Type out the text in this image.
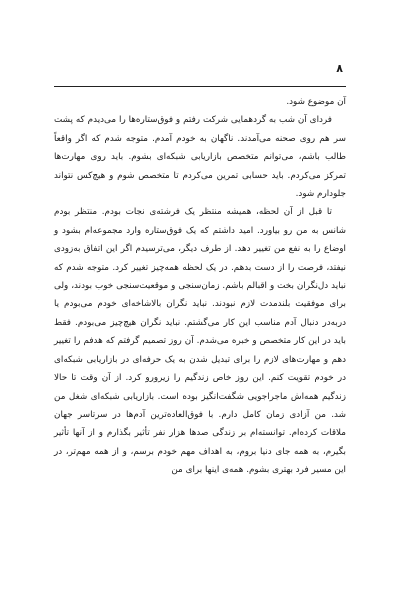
۸

آن موضوع شود.

فردای آن شب به گردهمایی شرکت رفتم و فوق‌ستاره‌ها را می‌دیدم که پشت سر هم روی صحنه می‌آمدند. ناگهان به خودم آمدم. متوجه شدم که اگر واقعاً طالب باشم، می‌توانم متخصص بازاریابی شبکه‌ای بشوم. باید روی مهارت‌ها تمرکز می‌کردم. باید حسابی تمرین می‌کردم تا متخصص شوم و هیچ‌کس نتواند جلودارم شود.

تا قبل از آن لحظه، همیشه منتظر یک فرشته‌ی نجات بودم. منتظر بودم شانس به من رو بیاورد. امید داشتم که یک فوق‌ستاره وارد مجموعه‌ام بشود و اوضاع را به نفع من تغییر دهد. از طرف دیگر، می‌ترسیدم اگر این اتفاق به‌زودی نیفتد، فرصت را از دست بدهم. در یک لحظه همه‌چیز تغییر کرد. متوجه شدم که نباید دل‌نگران بخت و اقبالم باشم. زمان‌سنجی و موقعیت‌سنجی خوب بودند، ولی برای موفقیت بلندمدت لازم نبودند. نباید نگران بالاشاخه‌ای خودم می‌بودم یا دربه‌در دنبال آدم مناسب این کار می‌گشتم. نباید نگران هیچ‌چیز می‌بودم. فقط باید در این کار متخصص و خبره می‌شدم. آن روز تصمیم گرفتم که هدفم را تغییر دهم و مهارت‌های لازم را برای تبدیل شدن به یک حرفه‌ای در بازاریابی شبکه‌ای در خودم تقویت کنم. این روز خاص زندگیم را زیرورو کرد. از آن وقت تا حالا زندگیم همه‌اش ماجراجویی شگفت‌انگیز بوده است. بازاریابی شبکه‌ای شغل من شد. من آزادی زمان کامل دارم. با فوق‌العاده‌ترین آدم‌ها در سرتاسر جهان ملاقات کرده‌ام. توانسته‌ام بر زندگی صدها هزار نفر تأثیر بگذارم و از آنها تأثیر بگیرم، به همه جای دنیا بروم، به اهداف مهم خودم برسم، و از همه مهم‌تر، در این مسیر فرد بهتری بشوم. همه‌ی اینها برای من
